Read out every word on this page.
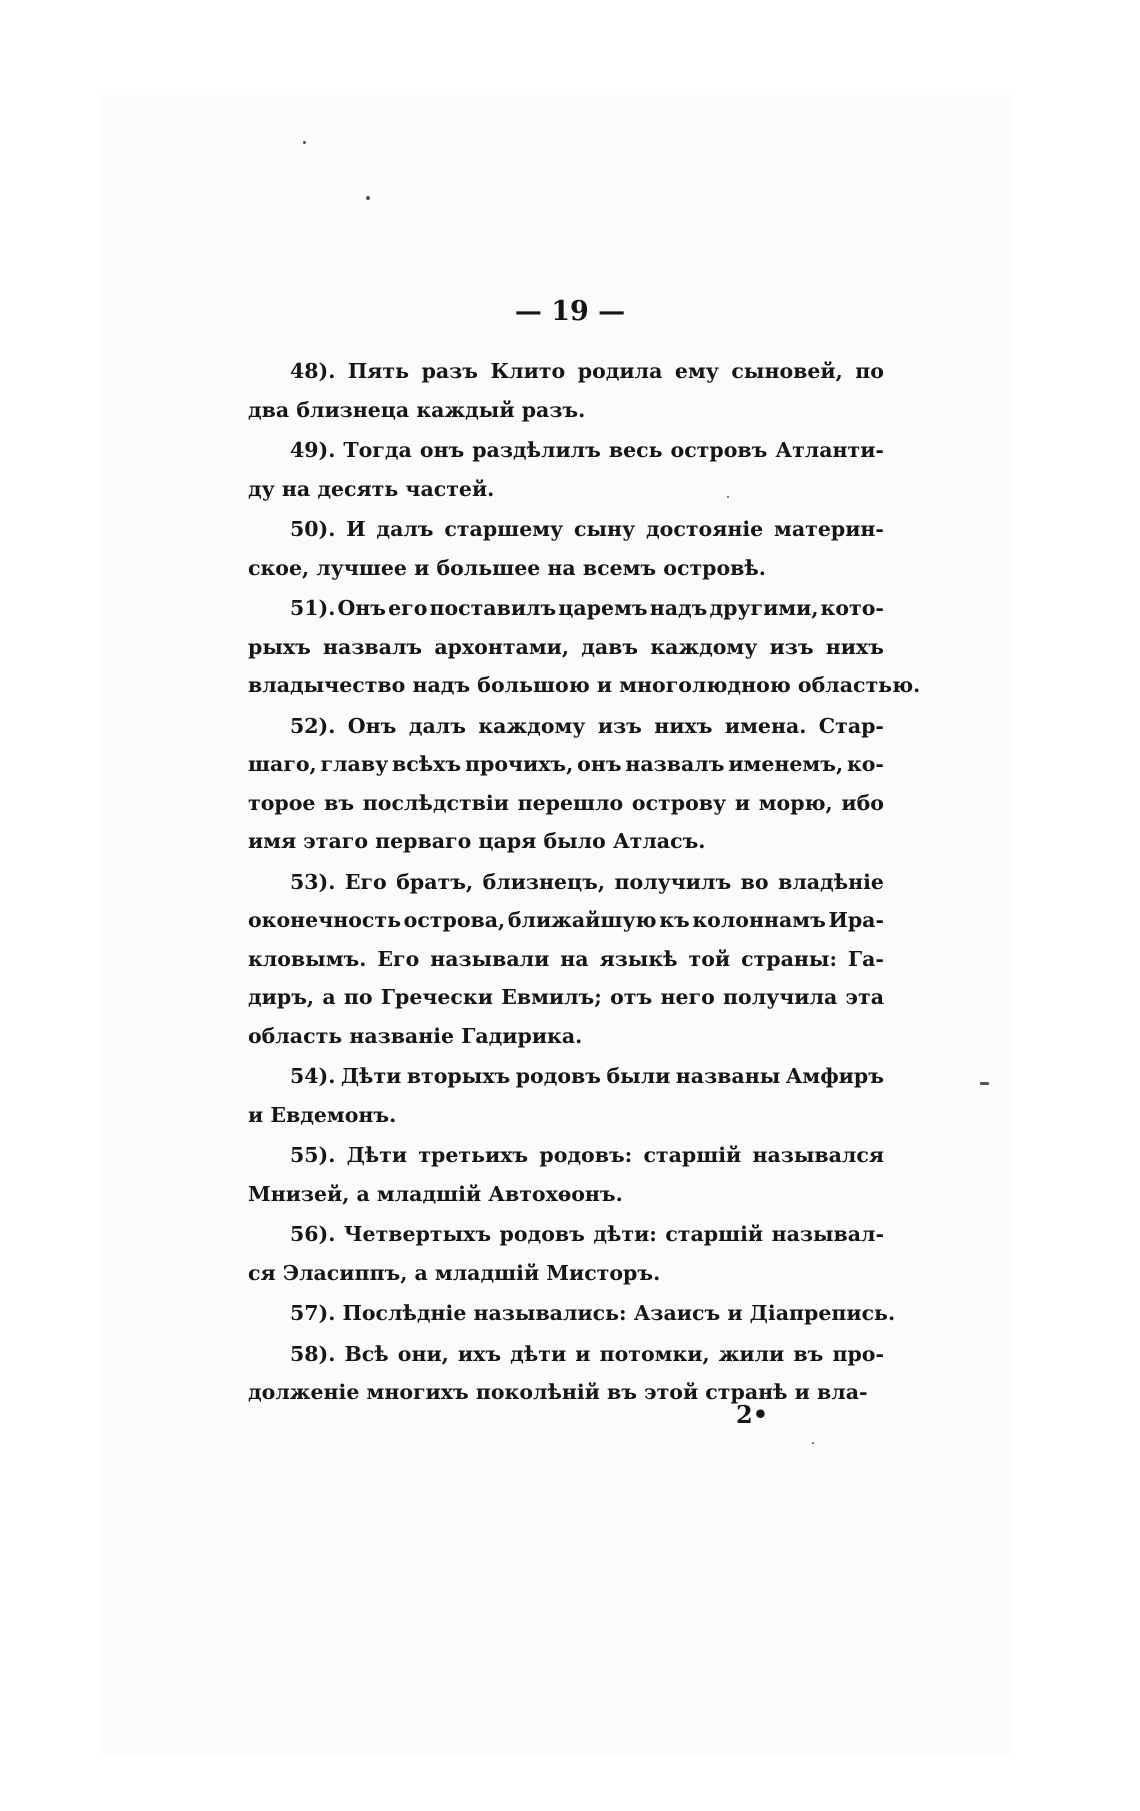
— 19 —
48). Пять разъ Клито родила ему сыновей, по
два близнеца каждый разъ.
49). Тогда онъ раздѣлилъ весь островъ Атланти-
ду на десять частей.
50). И далъ старшему сыну достояніе материн-
ское, лучшее и большее на всемъ островѣ.
51). Онъ его поставилъ царемъ надъ другими, кото-
рыхъ назвалъ архонтами, давъ каждому изъ нихъ
владычество надъ большою и многолюдною областью.
52). Онъ далъ каждому изъ нихъ имена. Стар-
шаго, главу всѣхъ прочихъ, онъ назвалъ именемъ, ко-
торое въ послѣдствіи перешло острову и морю, ибо
имя этаго перваго царя было Атласъ.
53). Его братъ, близнецъ, получилъ во владѣніе
оконечность острова, ближайшую къ колоннамъ Ира-
кловымъ. Его называли на языкѣ той страны: Га-
диръ, а по Гречески Евмилъ; отъ него получила эта
область названіе Гадирика.
54). Дѣти вторыхъ родовъ были названы Амфиръ
и Евдемонъ.
55). Дѣти третьихъ родовъ: старшій назывался
Мнизей, а младшій Автохѳонъ.
56). Четвертыхъ родовъ дѣти: старшій называл-
ся Эласиппъ, а младшій Мисторъ.
57). Послѣдніе назывались: Азаисъ и Діапрепись.
58). Всѣ они, ихъ дѣти и потомки, жили въ про-
долженіе многихъ поколѣній въ этой странѣ и вла-
2•
